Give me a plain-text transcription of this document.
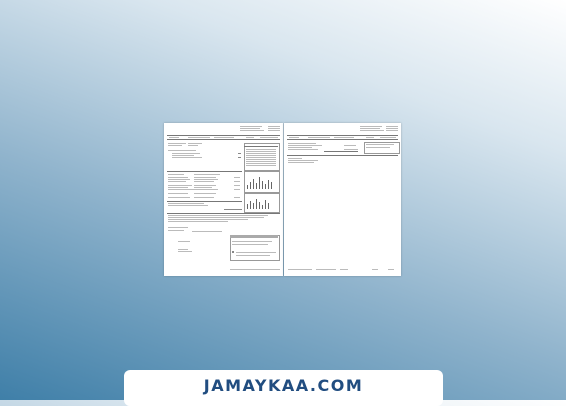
JAMAYKAA.COM
